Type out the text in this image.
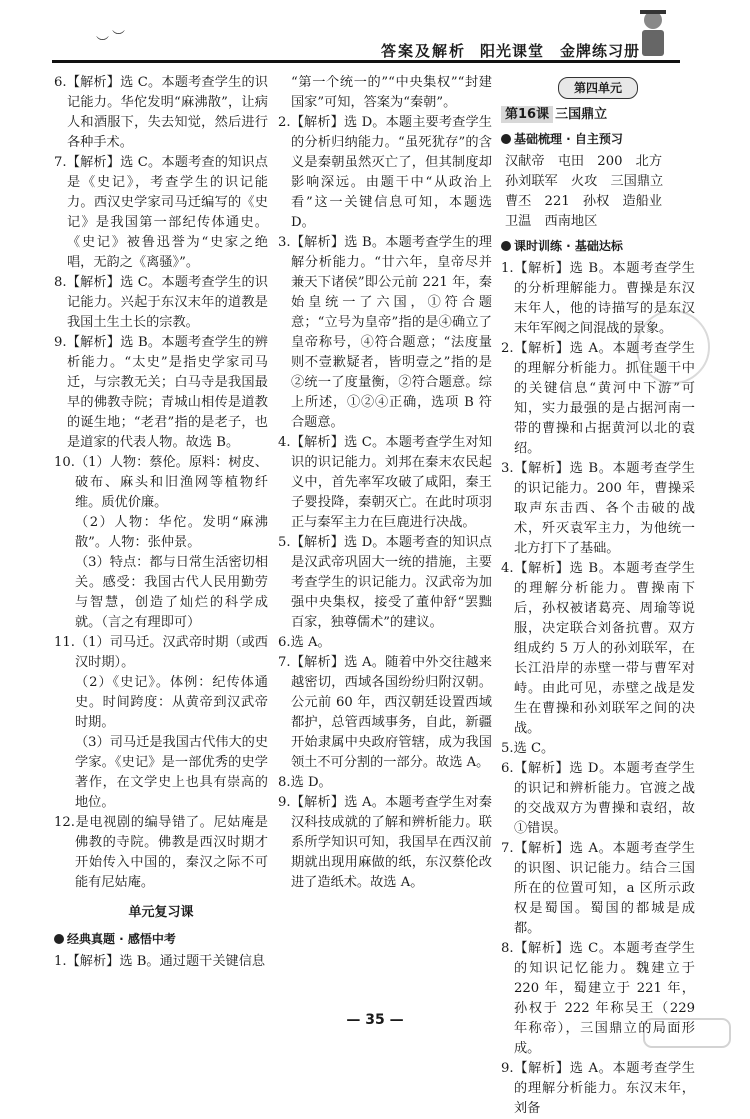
︶ ︶
答案及解析 阳光课堂　金牌练习册

6.【解析】选 C。本题考查学生的识记能力。华佗发明“麻沸散”，让病人和酒服下，失去知觉，然后进行各种手术。

7.【解析】选 C。本题考查的知识点是《史记》，考查学生的识记能力。西汉史学家司马迁编写的《史记》是我国第一部纪传体通史。《史记》被鲁迅誉为“史家之绝唱，无韵之《离骚》”。

8.【解析】选 C。本题考查学生的识记能力。兴起于东汉末年的道教是我国土生土长的宗教。

9.【解析】选 B。本题考查学生的辨析能力。“太史”是指史学家司马迁，与宗教无关；白马寺是我国最早的佛教寺院；青城山相传是道教的诞生地；“老君”指的是老子，也是道家的代表人物。故选 B。

10.（1）人物：蔡伦。原料：树皮、破布、麻头和旧渔网等植物纤维。质优价廉。

（2）人物：华佗。发明“麻沸散”。人物：张仲景。

（3）特点：都与日常生活密切相关。感受：我国古代人民用勤劳与智慧，创造了灿烂的科学成就。（言之有理即可）

11.（1）司马迁。汉武帝时期（或西汉时期）。

（2）《史记》。体例：纪传体通史。时间跨度：从黄帝到汉武帝时期。

（3）司马迁是我国古代伟大的史学家。《史记》是一部优秀的史学著作，在文学史上也具有崇高的地位。

12.是电视剧的编导错了。尼姑庵是佛教的寺院。佛教是西汉时期才开始传入中国的，秦汉之际不可能有尼姑庵。

单元复习课
经典真题 · 感悟中考

1.【解析】选 B。通过题干关键信息

“第一个统一的”“中央集权”“封建国家”可知，答案为“秦朝”。

2.【解析】选 D。本题主要考查学生的分析归纳能力。“虽死犹存”的含义是秦朝虽然灭亡了，但其制度却影响深远。由题干中“从政治上看”这一关键信息可知，本题选 D。

3.【解析】选 B。本题考查学生的理解分析能力。“廿六年，皇帝尽并兼天下诸侯”即公元前 221 年，秦始皇统一了六国，①符合题意；“立号为皇帝”指的是④确立了皇帝称号，④符合题意；“法度量则不壹歉疑者，皆明壹之”指的是②统一了度量衡，②符合题意。综上所述，①②④正确，选项 B 符合题意。

4.【解析】选 C。本题考查学生对知识的识记能力。刘邦在秦末农民起义中，首先率军攻破了咸阳，秦王子婴投降，秦朝灭亡。在此时项羽正与秦军主力在巨鹿进行决战。

5.【解析】选 D。本题考查的知识点是汉武帝巩固大一统的措施，主要考查学生的识记能力。汉武帝为加强中央集权，接受了董仲舒“罢黜百家，独尊儒术”的建议。

6.选 A。

7.【解析】选 A。随着中外交往越来越密切，西域各国纷纷归附汉朝。公元前 60 年，西汉朝廷设置西域都护，总管西域事务，自此，新疆开始隶属中央政府管辖，成为我国领土不可分割的一部分。故选 A。

8.选 D。

9.【解析】选 A。本题考查学生对秦汉科技成就的了解和辨析能力。联系所学知识可知，我国早在西汉前期就出现用麻做的纸，东汉蔡伦改进了造纸术。故选 A。

第四单元
第16课 三国鼎立
基础梳理 · 自主预习

汉献帝　屯田　200　北方

孙刘联军　火攻　三国鼎立

曹丕　221　孙权　造船业

卫温　西南地区

课时训练 · 基础达标

1.【解析】选 B。本题考查学生的分析理解能力。曹操是东汉末年人，他的诗描写的是东汉末年军阀之间混战的景象。

2.【解析】选 A。本题考查学生的理解分析能力。抓住题干中的关键信息“黄河中下游”可知，实力最强的是占据河南一带的曹操和占据黄河以北的袁绍。

3.【解析】选 B。本题考查学生的识记能力。200 年，曹操采取声东击西、各个击破的战术，歼灭袁军主力，为他统一北方打下了基础。

4.【解析】选 B。本题考查学生的理解分析能力。曹操南下后，孙权被诸葛亮、周瑜等说服，决定联合刘备抗曹。双方组成约 5 万人的孙刘联军，在长江沿岸的赤壁一带与曹军对峙。由此可见，赤壁之战是发生在曹操和孙刘联军之间的决战。

5.选 C。

6.【解析】选 D。本题考查学生的识记和辨析能力。官渡之战的交战双方为曹操和袁绍，故①错误。

7.【解析】选 A。本题考查学生的识图、识记能力。结合三国所在的位置可知，a 区所示政权是蜀国。蜀国的都城是成都。

8.【解析】选 C。本题考查学生的知识记忆能力。魏建立于 220 年，蜀建立于 221 年，孙权于 222 年称吴王（229 年称帝），三国鼎立的局面形成。

9.【解析】选 A。本题考查学生的理解分析能力。东汉末年，刘备

— 35 —
